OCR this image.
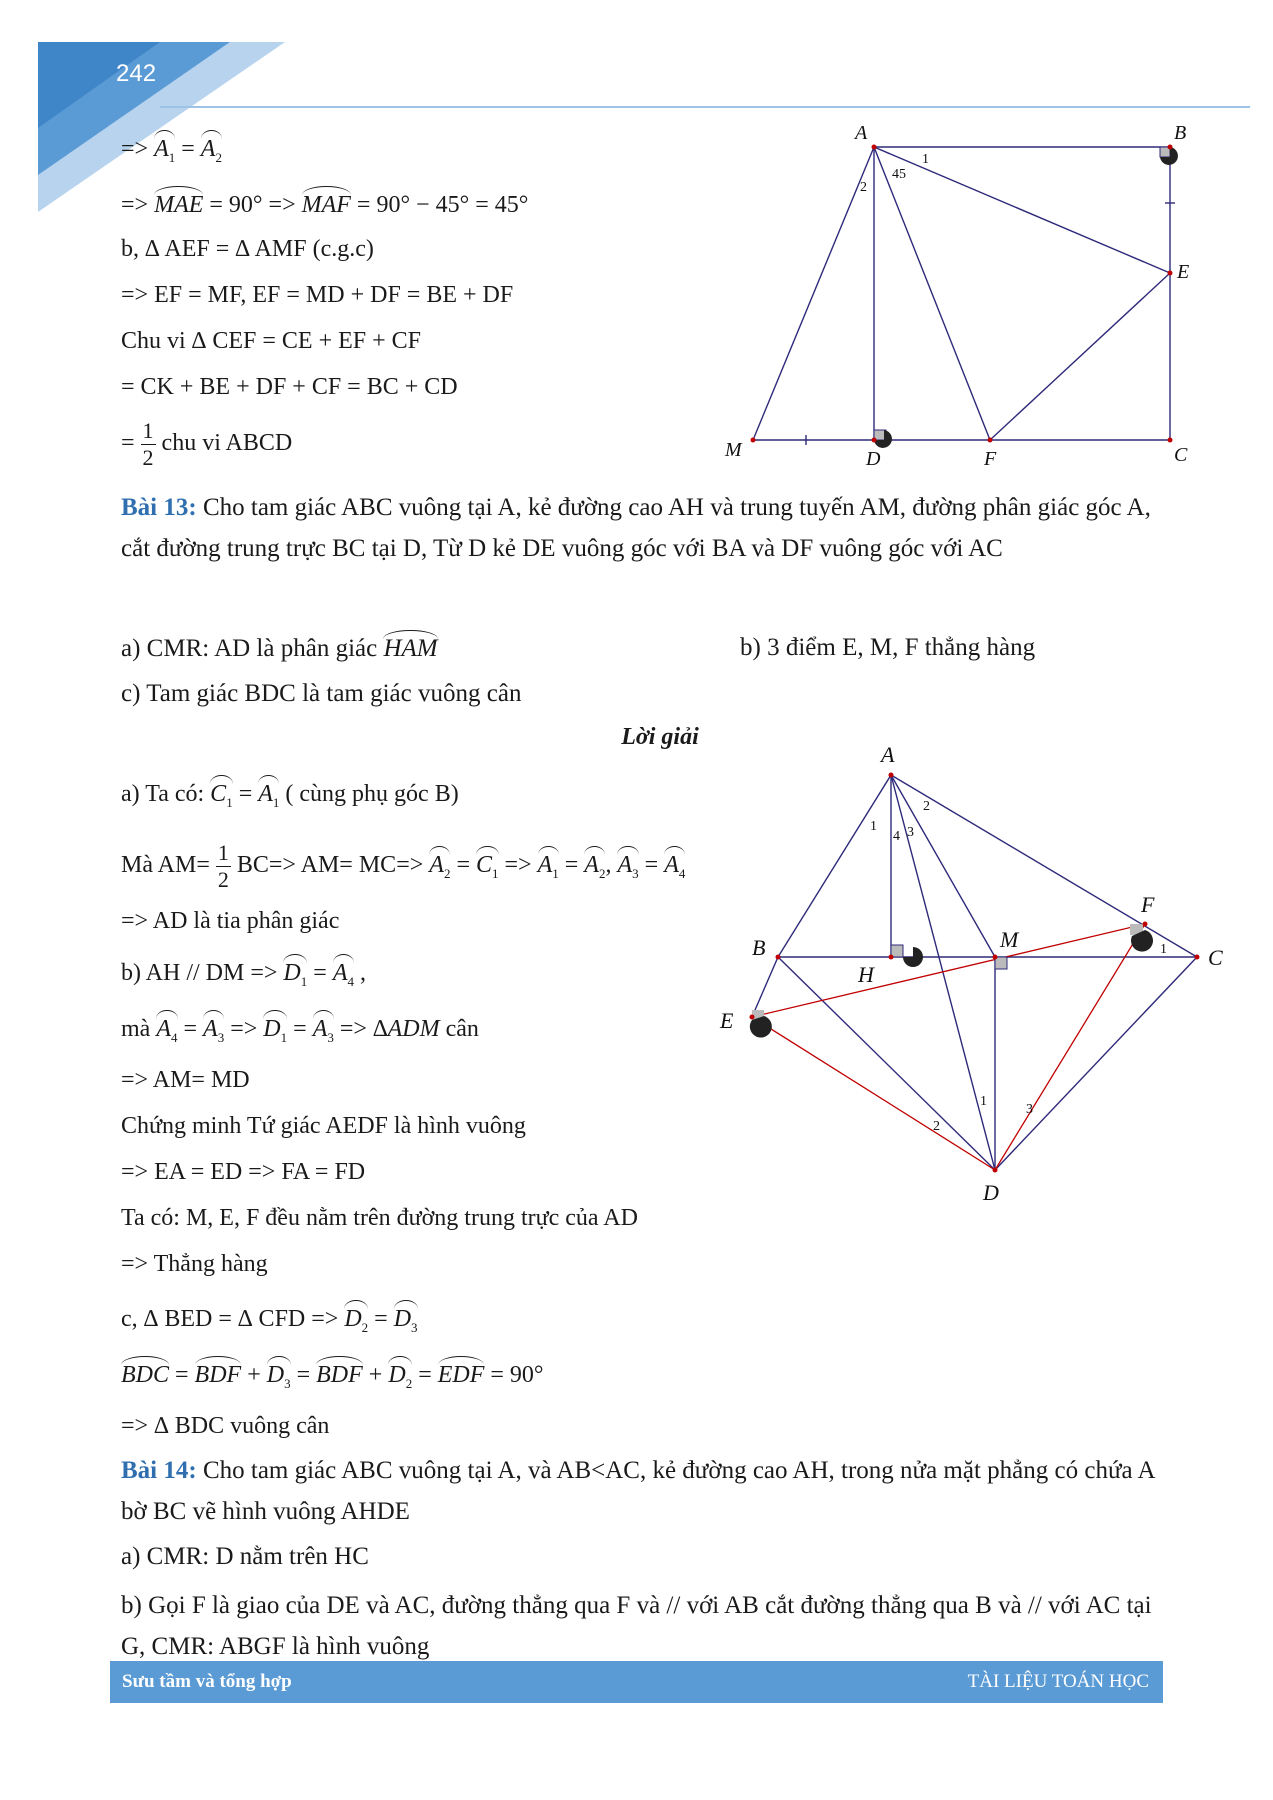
242
=> $A_1 = A_2$
=> MAE = 90° => MAF = 90° − 45° = 45°
b, ∆ AEF = ∆ AMF (c.g.c)
=> EF = MF, EF = MD + DF = BE + DF
Chu vi ∆ CEF = CE + EF + CF
= CK + BE + DF + CF = BC + CD
= $\frac{1}{2}$ chu vi ABCD
A	B
E
C
M	D	F
1
45
2
Bài 13: Cho tam giác ABC vuông tại A, kẻ đường cao AH và trung tuyến AM, đường phân giác góc A, cắt đường trung trực BC tại D, Từ D kẻ DE vuông góc với BA và DF vuông góc với AC
a) CMR: AD là phân giác HAM	b) 3 điểm E, M, F thẳng hàng
c) Tam giác BDC là tam giác vuông cân
Lời giải
a) Ta có: $C_1 = A_1$ ( cùng phụ góc B)
Mà $AM= \frac{1}{2} BC=> AM= MC=> A_2 = C_1 => A_1 = A_2$, $A_3 = A_4$
=> AD là tia phân giác
b) AH // DM => $D_1 = A_4$ ,
mà $A_4 = A_3 => D_1 = A_3 => \Delta ADM$ cân
=> AM= MD
Chứng minh Tứ giác AEDF là hình vuông
=> EA = ED => FA = FD
Ta có: M, E, F đều nằm trên đường trung trực của AD
=> Thẳng hàng
c, ∆ BED = ∆ CFD => $D_2 = D_3$
BDC = BDF + $D_3$ = BDF + $D_2$ = EDF = 90°
=> ∆ BDC vuông cân
A
B	C
H
M
E
F
D
1
2
3
4
1
1
2
3
Bài 14: Cho tam giác ABC vuông tại A, và AB<AC, kẻ đường cao AH, trong nửa mặt phẳng có chứa A bờ BC vẽ hình vuông AHDE
a) CMR: D nằm trên HC
b) Gọi F là giao của DE và AC, đường thẳng qua F và // với AB cắt đường thẳng qua B và // với AC tại G, CMR: ABGF là hình vuông
Sưu tầm và tổng hợp	TÀI LIỆU TOÁN HỌC
